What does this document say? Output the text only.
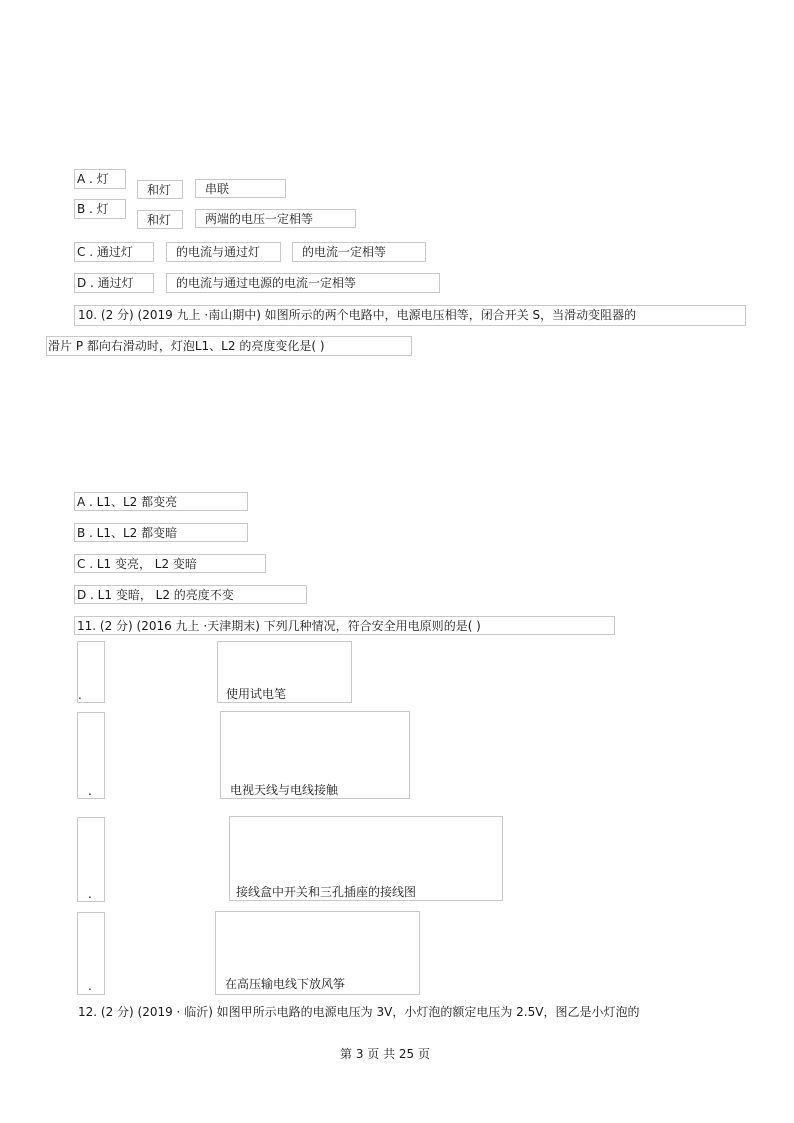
A . 灯
和灯	串联
B . 灯
和灯	两端的电压一定相等
C . 通过灯	的电流与通过灯	的电流一定相等
D . 通过灯	的电流与通过电源的电流一定相等
10. (2 分) (2019 九上 ·南山期中) 如图所示的两个电路中，电源电压相等，闭合开关 S，当滑动变阻器的
滑片 P 都向右滑动时，灯泡L1、L2 的亮度变化是( )
A . L1、L2 都变亮
B . L1、L2 都变暗
C . L1 变亮， L2 变暗
D . L1 变暗， L2 的亮度不变
11. (2 分) (2016 九上 ·天津期末) 下列几种情况，符合安全用电原则的是( )
.	使用试电笔
.	电视天线与电线接触
.	接线盒中开关和三孔插座的接线图
.	在高压输电线下放风筝
12. (2 分) (2019 · 临沂) 如图甲所示电路的电源电压为 3V，小灯泡的额定电压为 2.5V，图乙是小灯泡的
第 3 页 共 25 页
